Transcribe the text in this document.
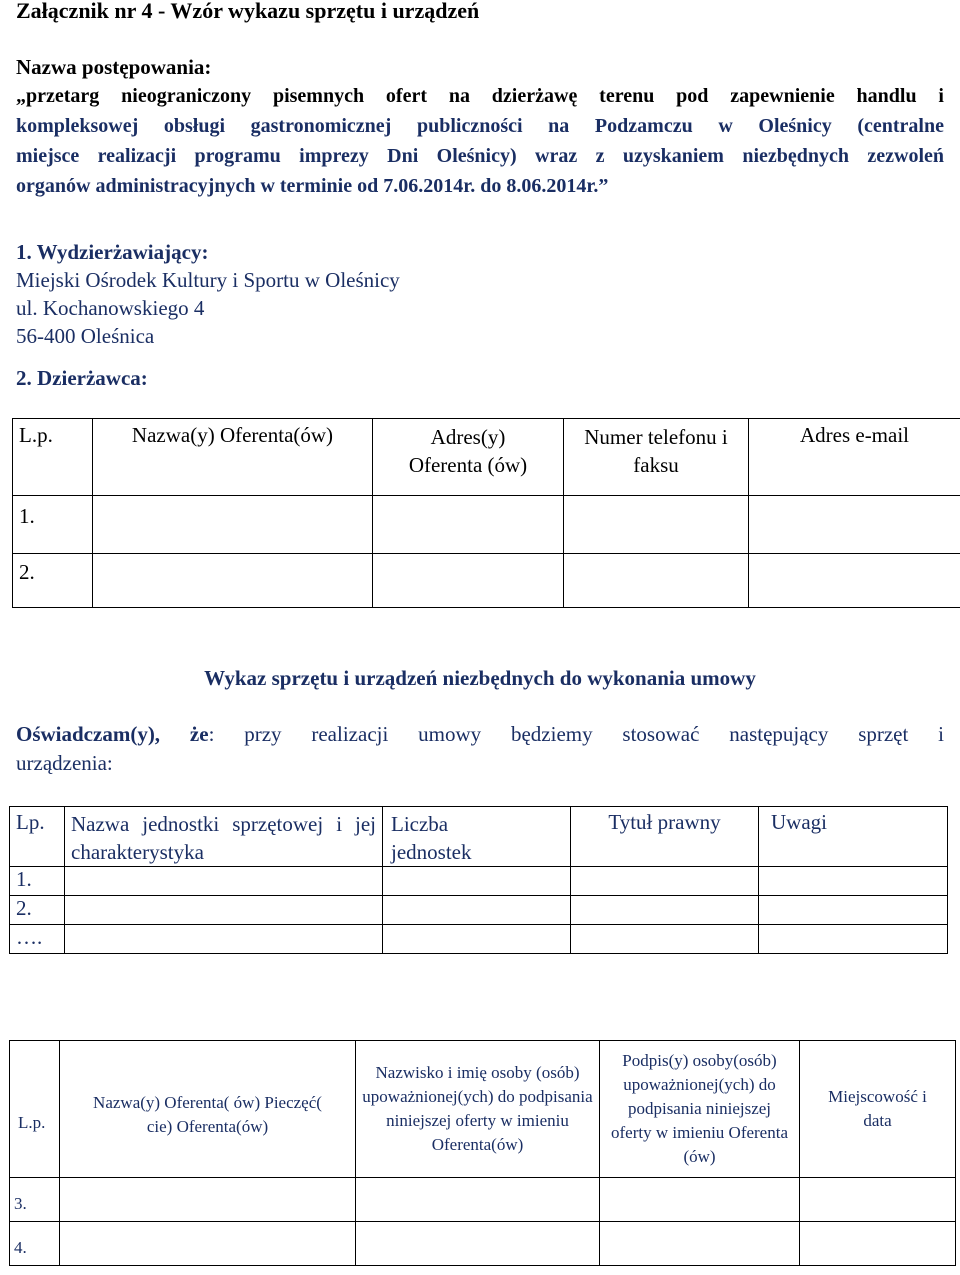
Załącznik nr 4 - Wzór wykazu sprzętu i urządzeń
Nazwa postępowania:
„przetarg nieograniczony pisemnych ofert na dzierżawę terenu pod zapewnienie handlu i
kompleksowej obsługi gastronomicznej publiczności na Podzamczu w Oleśnicy (centralne
miejsce realizacji programu imprezy Dni Oleśnicy) wraz z uzyskaniem niezbędnych zezwoleń
organów administracyjnych w terminie od 7.06.2014r. do 8.06.2014r.”
1. Wydzierżawiający:
Miejski Ośrodek Kultury i Sportu w Oleśnicy
ul. Kochanowskiego 4
56-400 Oleśnica
2. Dzierżawca:
L.p.	Nazwa(y) Oferenta(ów)	Adres(y) Oferenta (ów)	Numer telefonu i faksu	Adres e-mail
1.				
2.				
Wykaz sprzętu i urządzeń niezbędnych do wykonania umowy
Oświadczam(y), że: przy realizacji umowy będziemy stosować następujący sprzęt i
urządzenia:
Lp.	Nazwa jednostki sprzętowej i jej charakterystyka	Liczba jednostek	Tytuł prawny	Uwagi
1.				
2.				
….				
L.p.	Nazwa(y) Oferenta( ów) Pieczęć( cie) Oferenta(ów)	Nazwisko i imię osoby (osób) upoważnionej(ych) do podpisania niniejszej oferty w imieniu Oferenta(ów)	Podpis(y) osoby(osób) upoważnionej(ych) do podpisania niniejszej oferty w imieniu Oferenta (ów)	Miejscowość i data
3.				
4.				
